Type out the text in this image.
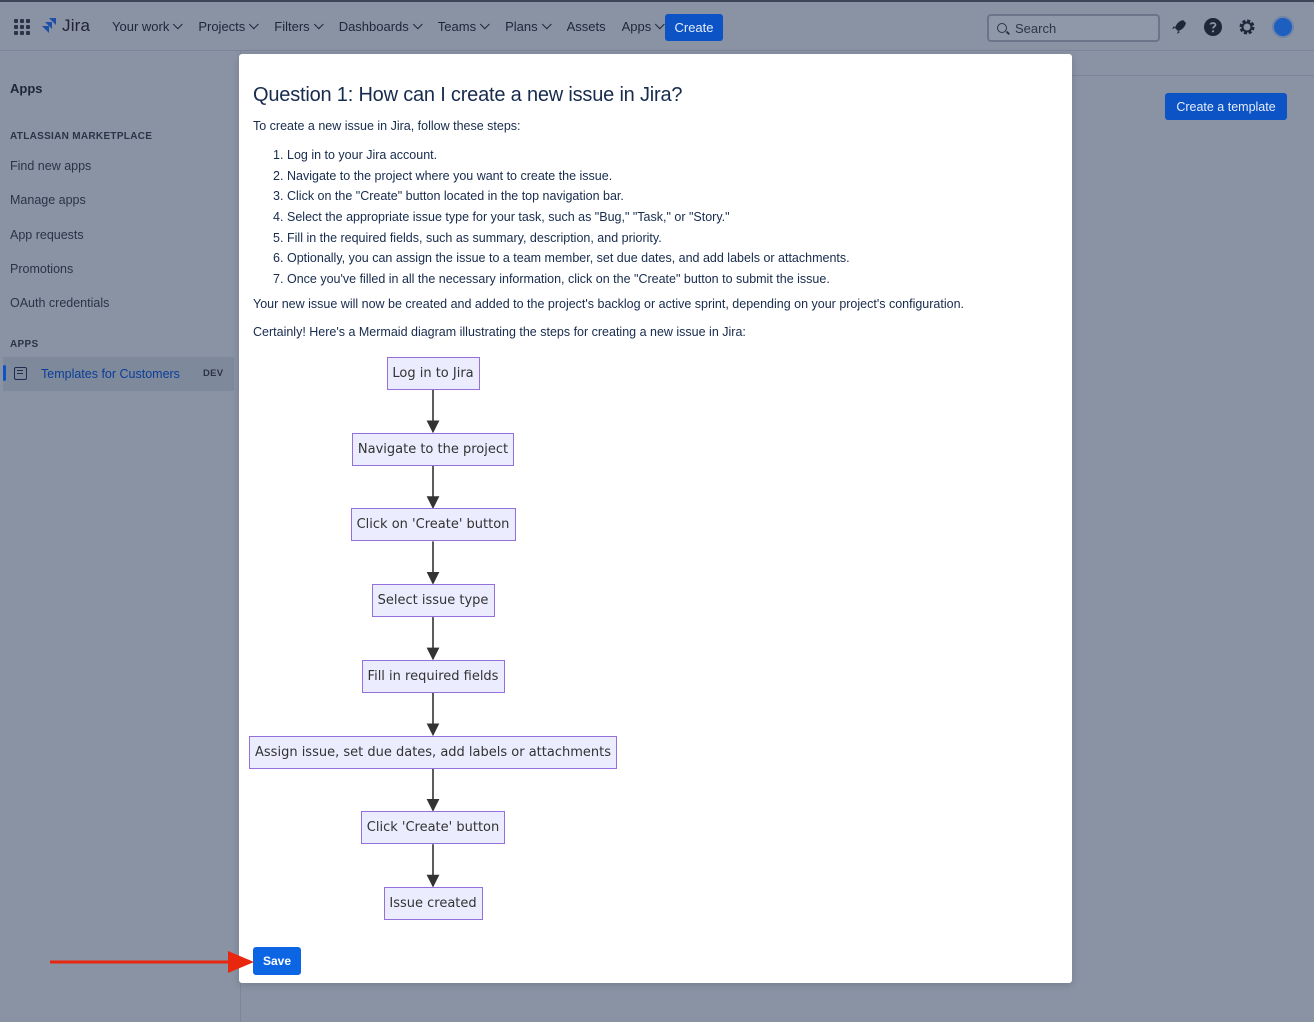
Jira Your work Projects Filters Dashboards Teams Plans Assets Apps	Create	Search
Apps
ATLASSIAN MARKETPLACE
Find new apps
Manage apps
App requests
Promotions
OAuth credentials
APPS
Templates for Customers DEV
Create a template
Question 1: How can I create a new issue in Jira?
To create a new issue in Jira, follow these steps:
1. Log in to your Jira account.
2. Navigate to the project where you want to create the issue.
3. Click on the "Create" button located in the top navigation bar.
4. Select the appropriate issue type for your task, such as "Bug," "Task," or "Story."
5. Fill in the required fields, such as summary, description, and priority.
6. Optionally, you can assign the issue to a team member, set due dates, and add labels or attachments.
7. Once you've filled in all the necessary information, click on the "Create" button to submit the issue.
Your new issue will now be created and added to the project's backlog or active sprint, depending on your project's configuration.
Certainly! Here's a Mermaid diagram illustrating the steps for creating a new issue in Jira:
Log in to Jira
Navigate to the project
Click on 'Create' button
Select issue type
Fill in required fields
Assign issue, set due dates, add labels or attachments
Click 'Create' button
Issue created
Save
